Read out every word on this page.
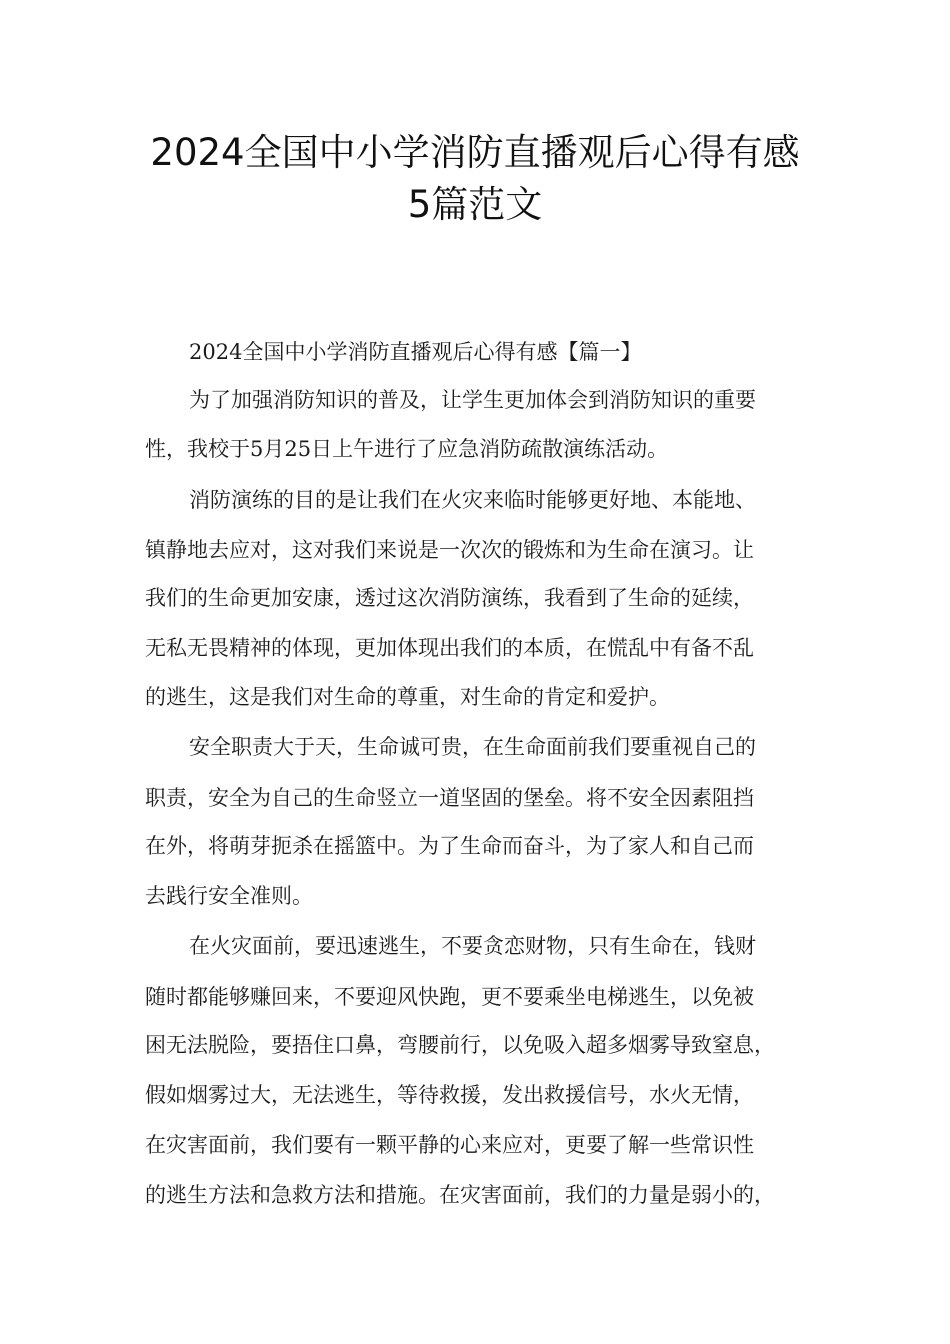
2024全国中小学消防直播观后心得有感
5篇范文
2024全国中小学消防直播观后心得有感【篇一】
为了加强消防知识的普及，让学生更加体会到消防知识的重要
性，我校于5月25日上午进行了应急消防疏散演练活动。
消防演练的目的是让我们在火灾来临时能够更好地、本能地、
镇静地去应对，这对我们来说是一次次的锻炼和为生命在演习。让
我们的生命更加安康，透过这次消防演练，我看到了生命的延续，
无私无畏精神的体现，更加体现出我们的本质，在慌乱中有备不乱
的逃生，这是我们对生命的尊重，对生命的肯定和爱护。
安全职责大于天，生命诚可贵，在生命面前我们要重视自己的
职责，安全为自己的生命竖立一道坚固的堡垒。将不安全因素阻挡
在外，将萌芽扼杀在摇篮中。为了生命而奋斗，为了家人和自己而
去践行安全准则。
在火灾面前，要迅速逃生，不要贪恋财物，只有生命在，钱财
随时都能够赚回来，不要迎风快跑，更不要乘坐电梯逃生，以免被
困无法脱险，要捂住口鼻，弯腰前行，以免吸入超多烟雾导致窒息，
假如烟雾过大，无法逃生，等待救援，发出救援信号，水火无情，
在灾害面前，我们要有一颗平静的心来应对，更要了解一些常识性
的逃生方法和急救方法和措施。在灾害面前，我们的力量是弱小的，
